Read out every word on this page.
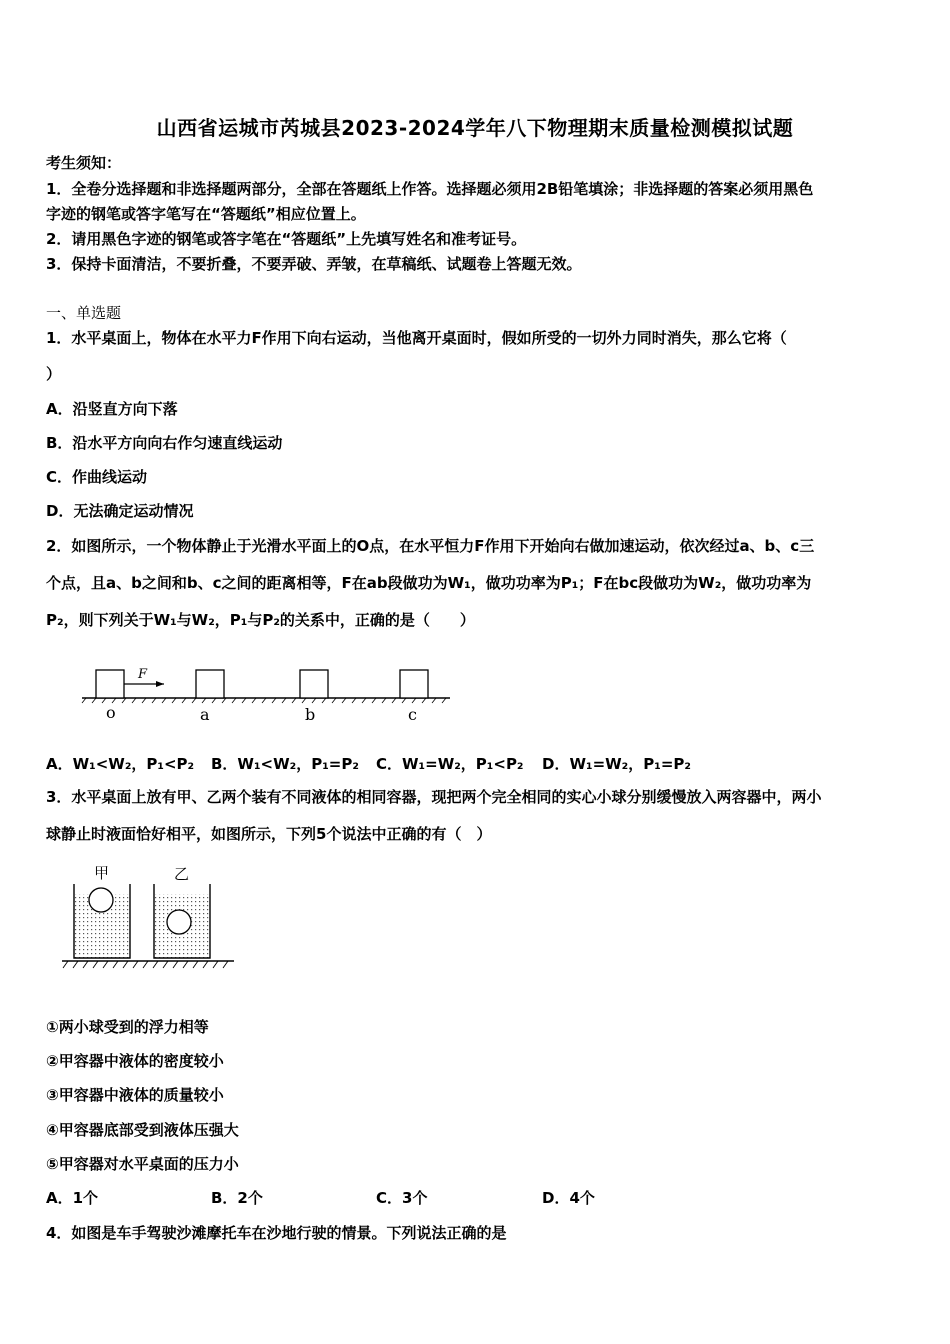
山西省运城市芮城县2023-2024学年八下物理期末质量检测模拟试题
考生须知：
1．全卷分选择题和非选择题两部分，全部在答题纸上作答。选择题必须用2B铅笔填涂；非选择题的答案必须用黑色
字迹的钢笔或答字笔写在“答题纸”相应位置上。
2．请用黑色字迹的钢笔或答字笔在“答题纸”上先填写姓名和准考证号。
3．保持卡面清洁，不要折叠，不要弄破、弄皱，在草稿纸、试题卷上答题无效。
一、单选题
1．水平桌面上，物体在水平力F作用下向右运动，当他离开桌面时，假如所受的一切外力同时消失，那么它将（
）
A．沿竖直方向下落
B．沿水平方向向右作匀速直线运动
C．作曲线运动
D．无法确定运动情况
2．如图所示，一个物体静止于光滑水平面上的O点，在水平恒力F作用下开始向右做加速运动，依次经过a、b、c三
个点，且a、b之间和b、c之间的距离相等，F在ab段做功为W₁，做功功率为P₁；F在bc段做功为W₂，做功功率为
P₂，则下列关于W₁与W₂，P₁与P₂的关系中，正确的是（　　）
F
o	a	b	c
A．W₁<W₂，P₁<P₂ B．W₁<W₂，P₁=P₂ C．W₁=W₂，P₁<P₂ D．W₁=W₂，P₁=P₂
3．水平桌面上放有甲、乙两个装有不同液体的相同容器，现把两个完全相同的实心小球分别缓慢放入两容器中，两小
球静止时液面恰好相平，如图所示，下列5个说法中正确的有（　）
甲	乙
①两小球受到的浮力相等
②甲容器中液体的密度较小
③甲容器中液体的质量较小
④甲容器底部受到液体压强大
⑤甲容器对水平桌面的压力小
A．1个	B．2个	C．3个	D．4个
4．如图是车手驾驶沙滩摩托车在沙地行驶的情景。下列说法正确的是
